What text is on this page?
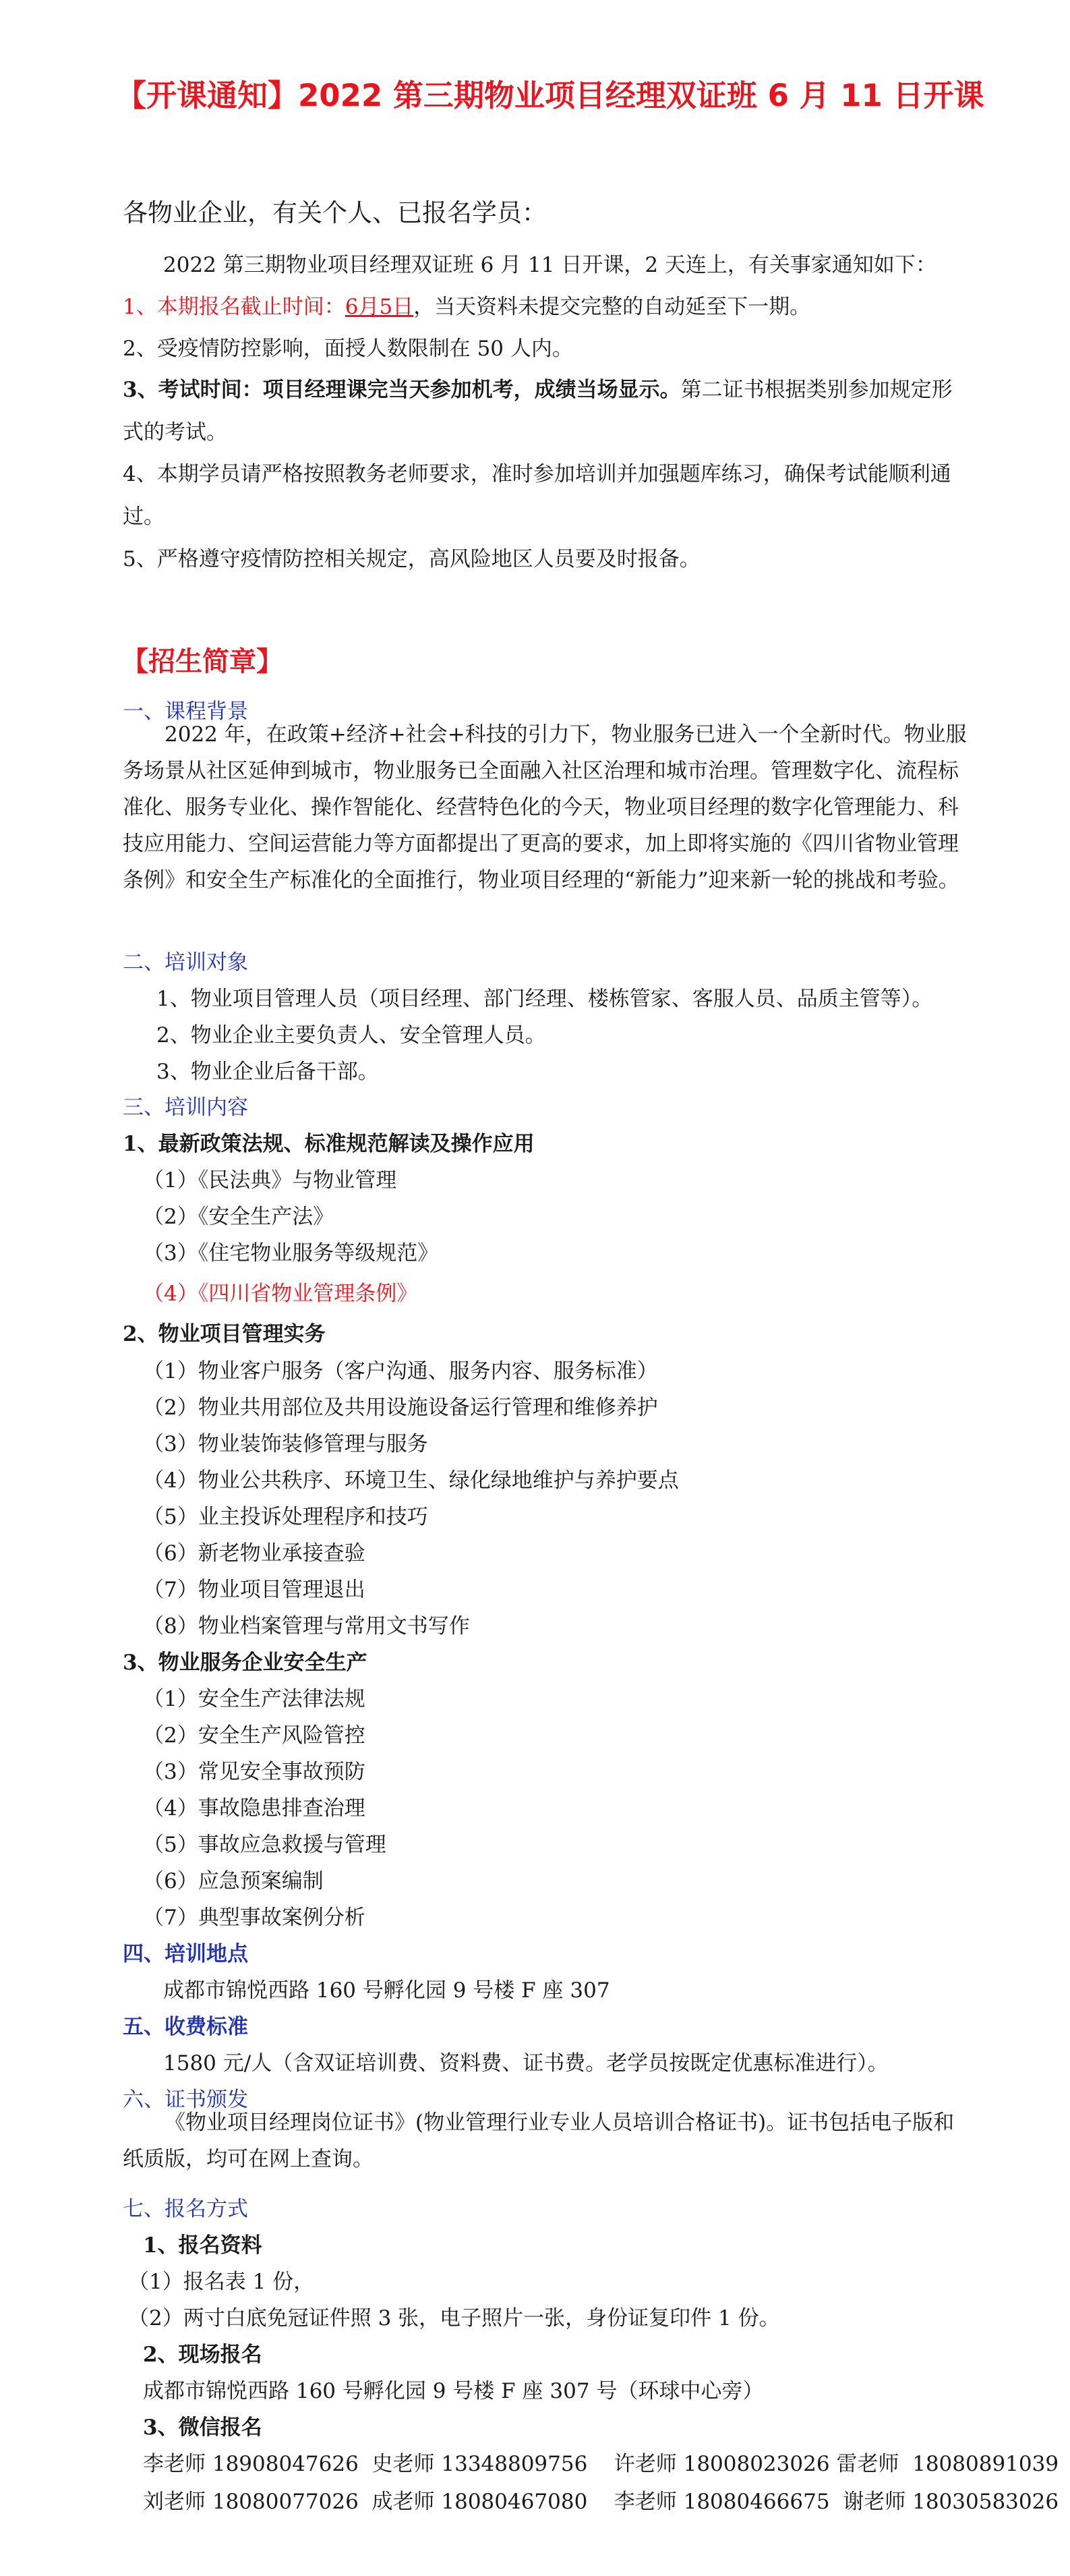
【开课通知】2022 第三期物业项目经理双证班 6 月 11 日开课
各物业企业，有关个人、已报名学员：
2022 第三期物业项目经理双证班 6 月 11 日开课，2 天连上，有关事家通知如下：
1、本期报名截止时间：6月5日，当天资料未提交完整的自动延至下一期。
2、受疫情防控影响，面授人数限制在 50 人内。
3、考试时间：项目经理课完当天参加机考，成绩当场显示。第二证书根据类别参加规定形式的考试。
4、本期学员请严格按照教务老师要求，准时参加培训并加强题库练习，确保考试能顺利通过。
5、严格遵守疫情防控相关规定，高风险地区人员要及时报备。
【招生简章】
一、课程背景
2022 年，在政策+经济+社会+科技的引力下，物业服务已进入一个全新时代。物业服务场景从社区延伸到城市，物业服务已全面融入社区治理和城市治理。管理数字化、流程标准化、服务专业化、操作智能化、经营特色化的今天，物业项目经理的数字化管理能力、科技应用能力、空间运营能力等方面都提出了更高的要求，加上即将实施的《四川省物业管理条例》和安全生产标准化的全面推行，物业项目经理的“新能力”迎来新一轮的挑战和考验。
二、培训对象
1、物业项目管理人员（项目经理、部门经理、楼栋管家、客服人员、品质主管等）。
2、物业企业主要负责人、安全管理人员。
3、物业企业后备干部。
三、培训内容
1、最新政策法规、标准规范解读及操作应用
（1）《民法典》与物业管理
（2）《安全生产法》
（3）《住宅物业服务等级规范》
（4）《四川省物业管理条例》
2、物业项目管理实务
（1）物业客户服务（客户沟通、服务内容、服务标准）
（2）物业共用部位及共用设施设备运行管理和维修养护
（3）物业装饰装修管理与服务
（4）物业公共秩序、环境卫生、绿化绿地维护与养护要点
（5）业主投诉处理程序和技巧
（6）新老物业承接查验
（7）物业项目管理退出
（8）物业档案管理与常用文书写作
3、物业服务企业安全生产
（1）安全生产法律法规
（2）安全生产风险管控
（3）常见安全事故预防
（4）事故隐患排查治理
（5）事故应急救援与管理
（6）应急预案编制
（7）典型事故案例分析
四、培训地点
成都市锦悦西路 160 号孵化园 9 号楼 F 座 307
五、收费标准
1580 元/人（含双证培训费、资料费、证书费。老学员按既定优惠标准进行）。
六、证书颁发
《物业项目经理岗位证书》(物业管理行业专业人员培训合格证书)。证书包括电子版和纸质版，均可在网上查询。
七、报名方式
1、报名资料
（1）报名表 1 份，
（2）两寸白底免冠证件照 3 张，电子照片一张，身份证复印件 1 份。
2、现场报名
成都市锦悦西路 160 号孵化园 9 号楼 F 座 307 号（环球中心旁）
3、微信报名
李老师 18908047626  史老师 13348809756    许老师 18008023026 雷老师  18080891039
刘老师 18080077026  成老师 18080467080    李老师 18080466675  谢老师 18030583026
